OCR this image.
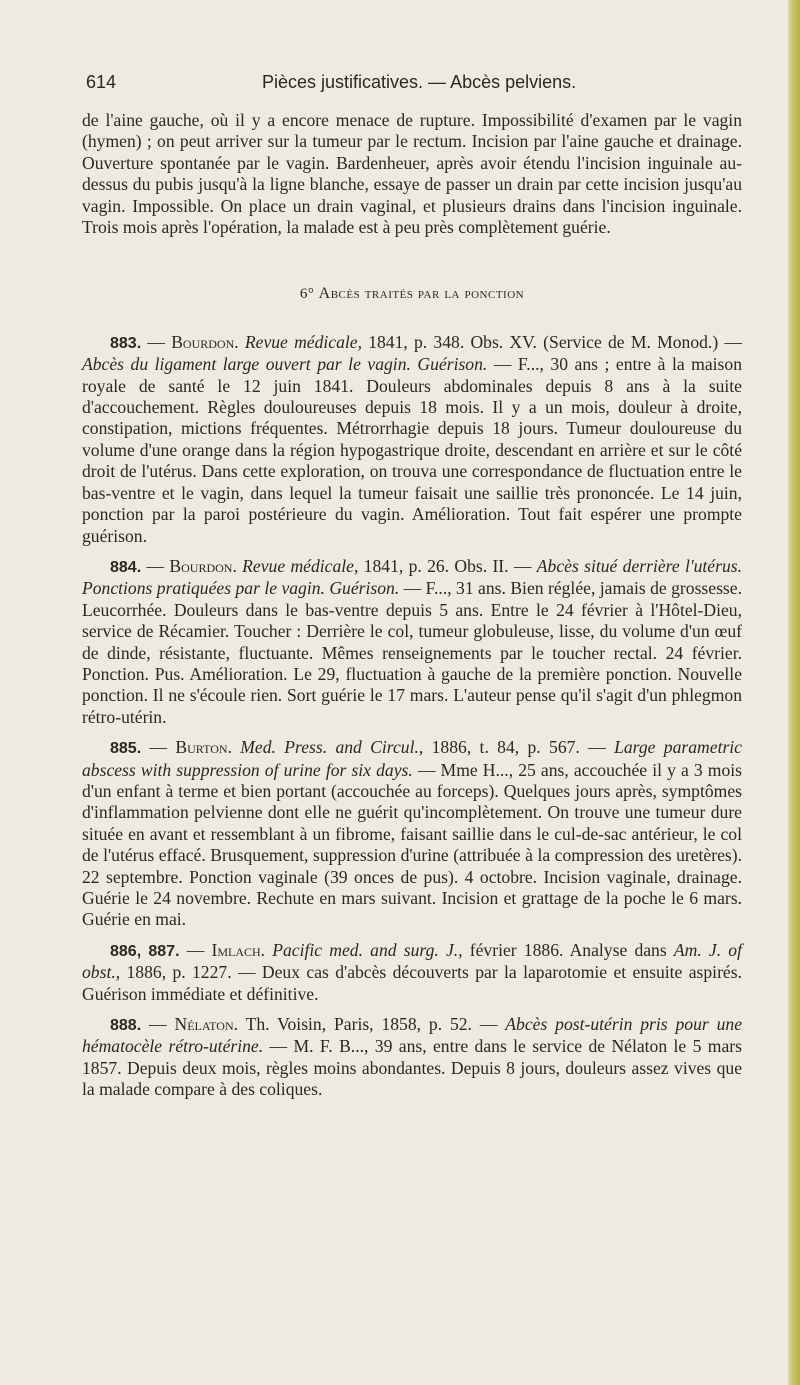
614	Pièces justificatives. — Abcès pelviens.

de l'aine gauche, où il y a encore menace de rupture. Impossibilité d'examen par le vagin (hymen) ; on peut arriver sur la tumeur par le rectum. Incision par l'aine gauche et drainage. Ouverture spontanée par le vagin. Bardenheuer, après avoir étendu l'incision inguinale au-dessus du pubis jusqu'à la ligne blanche, essaye de passer un drain par cette incision jusqu'au vagin. Impossible. On place un drain vaginal, et plusieurs drains dans l'incision inguinale. Trois mois après l'opération, la malade est à peu près complètement guérie.

6° Abcès traités par la ponction

883. — Bourdon. Revue médicale, 1841, p. 348. Obs. XV. (Service de M. Monod.) — Abcès du ligament large ouvert par le vagin. Guérison. — F..., 30 ans ; entre à la maison royale de santé le 12 juin 1841. Douleurs abdominales depuis 8 ans à la suite d'accouchement. Règles douloureuses depuis 18 mois. Il y a un mois, douleur à droite, constipation, mictions fréquentes. Métrorrhagie depuis 18 jours. Tumeur douloureuse du volume d'une orange dans la région hypogastrique droite, descendant en arrière et sur le côté droit de l'utérus. Dans cette exploration, on trouva une correspondance de fluctuation entre le bas-ventre et le vagin, dans lequel la tumeur faisait une saillie très prononcée. Le 14 juin, ponction par la paroi postérieure du vagin. Amélioration. Tout fait espérer une prompte guérison.

884. — Bourdon. Revue médicale, 1841, p. 26. Obs. II. — Abcès situé derrière l'utérus. Ponctions pratiquées par le vagin. Guérison. — F..., 31 ans. Bien réglée, jamais de grossesse. Leucorrhée. Douleurs dans le bas-ventre depuis 5 ans. Entre le 24 février à l'Hôtel-Dieu, service de Récamier. Toucher : Derrière le col, tumeur globuleuse, lisse, du volume d'un œuf de dinde, résistante, fluctuante. Mêmes renseignements par le toucher rectal. 24 février. Ponction. Pus. Amélioration. Le 29, fluctuation à gauche de la première ponction. Nouvelle ponction. Il ne s'écoule rien. Sort guérie le 17 mars. L'auteur pense qu'il s'agit d'un phlegmon rétro-utérin.

885. — Burton. Med. Press. and Circul., 1886, t. 84, p. 567. — Large parametric abscess with suppression of urine for six days. — Mme H..., 25 ans, accouchée il y a 3 mois d'un enfant à terme et bien portant (accouchée au forceps). Quelques jours après, symptômes d'inflammation pelvienne dont elle ne guérit qu'incomplètement. On trouve une tumeur dure située en avant et ressemblant à un fibrome, faisant saillie dans le cul-de-sac antérieur, le col de l'utérus effacé. Brusquement, suppression d'urine (attribuée à la compression des uretères). 22 septembre. Ponction vaginale (39 onces de pus). 4 octobre. Incision vaginale, drainage. Guérie le 24 novembre. Rechute en mars suivant. Incision et grattage de la poche le 6 mars. Guérie en mai.

886, 887. — Imlach. Pacific med. and surg. J., février 1886. Analyse dans Am. J. of obst., 1886, p. 1227. — Deux cas d'abcès découverts par la laparotomie et ensuite aspirés. Guérison immédiate et définitive.

888. — Nélaton. Th. Voisin, Paris, 1858, p. 52. — Abcès post-utérin pris pour une hématocèle rétro-utérine. — M. F. B..., 39 ans, entre dans le service de Nélaton le 5 mars 1857. Depuis deux mois, règles moins abondantes. Depuis 8 jours, douleurs assez vives que la malade compare à des coliques.
